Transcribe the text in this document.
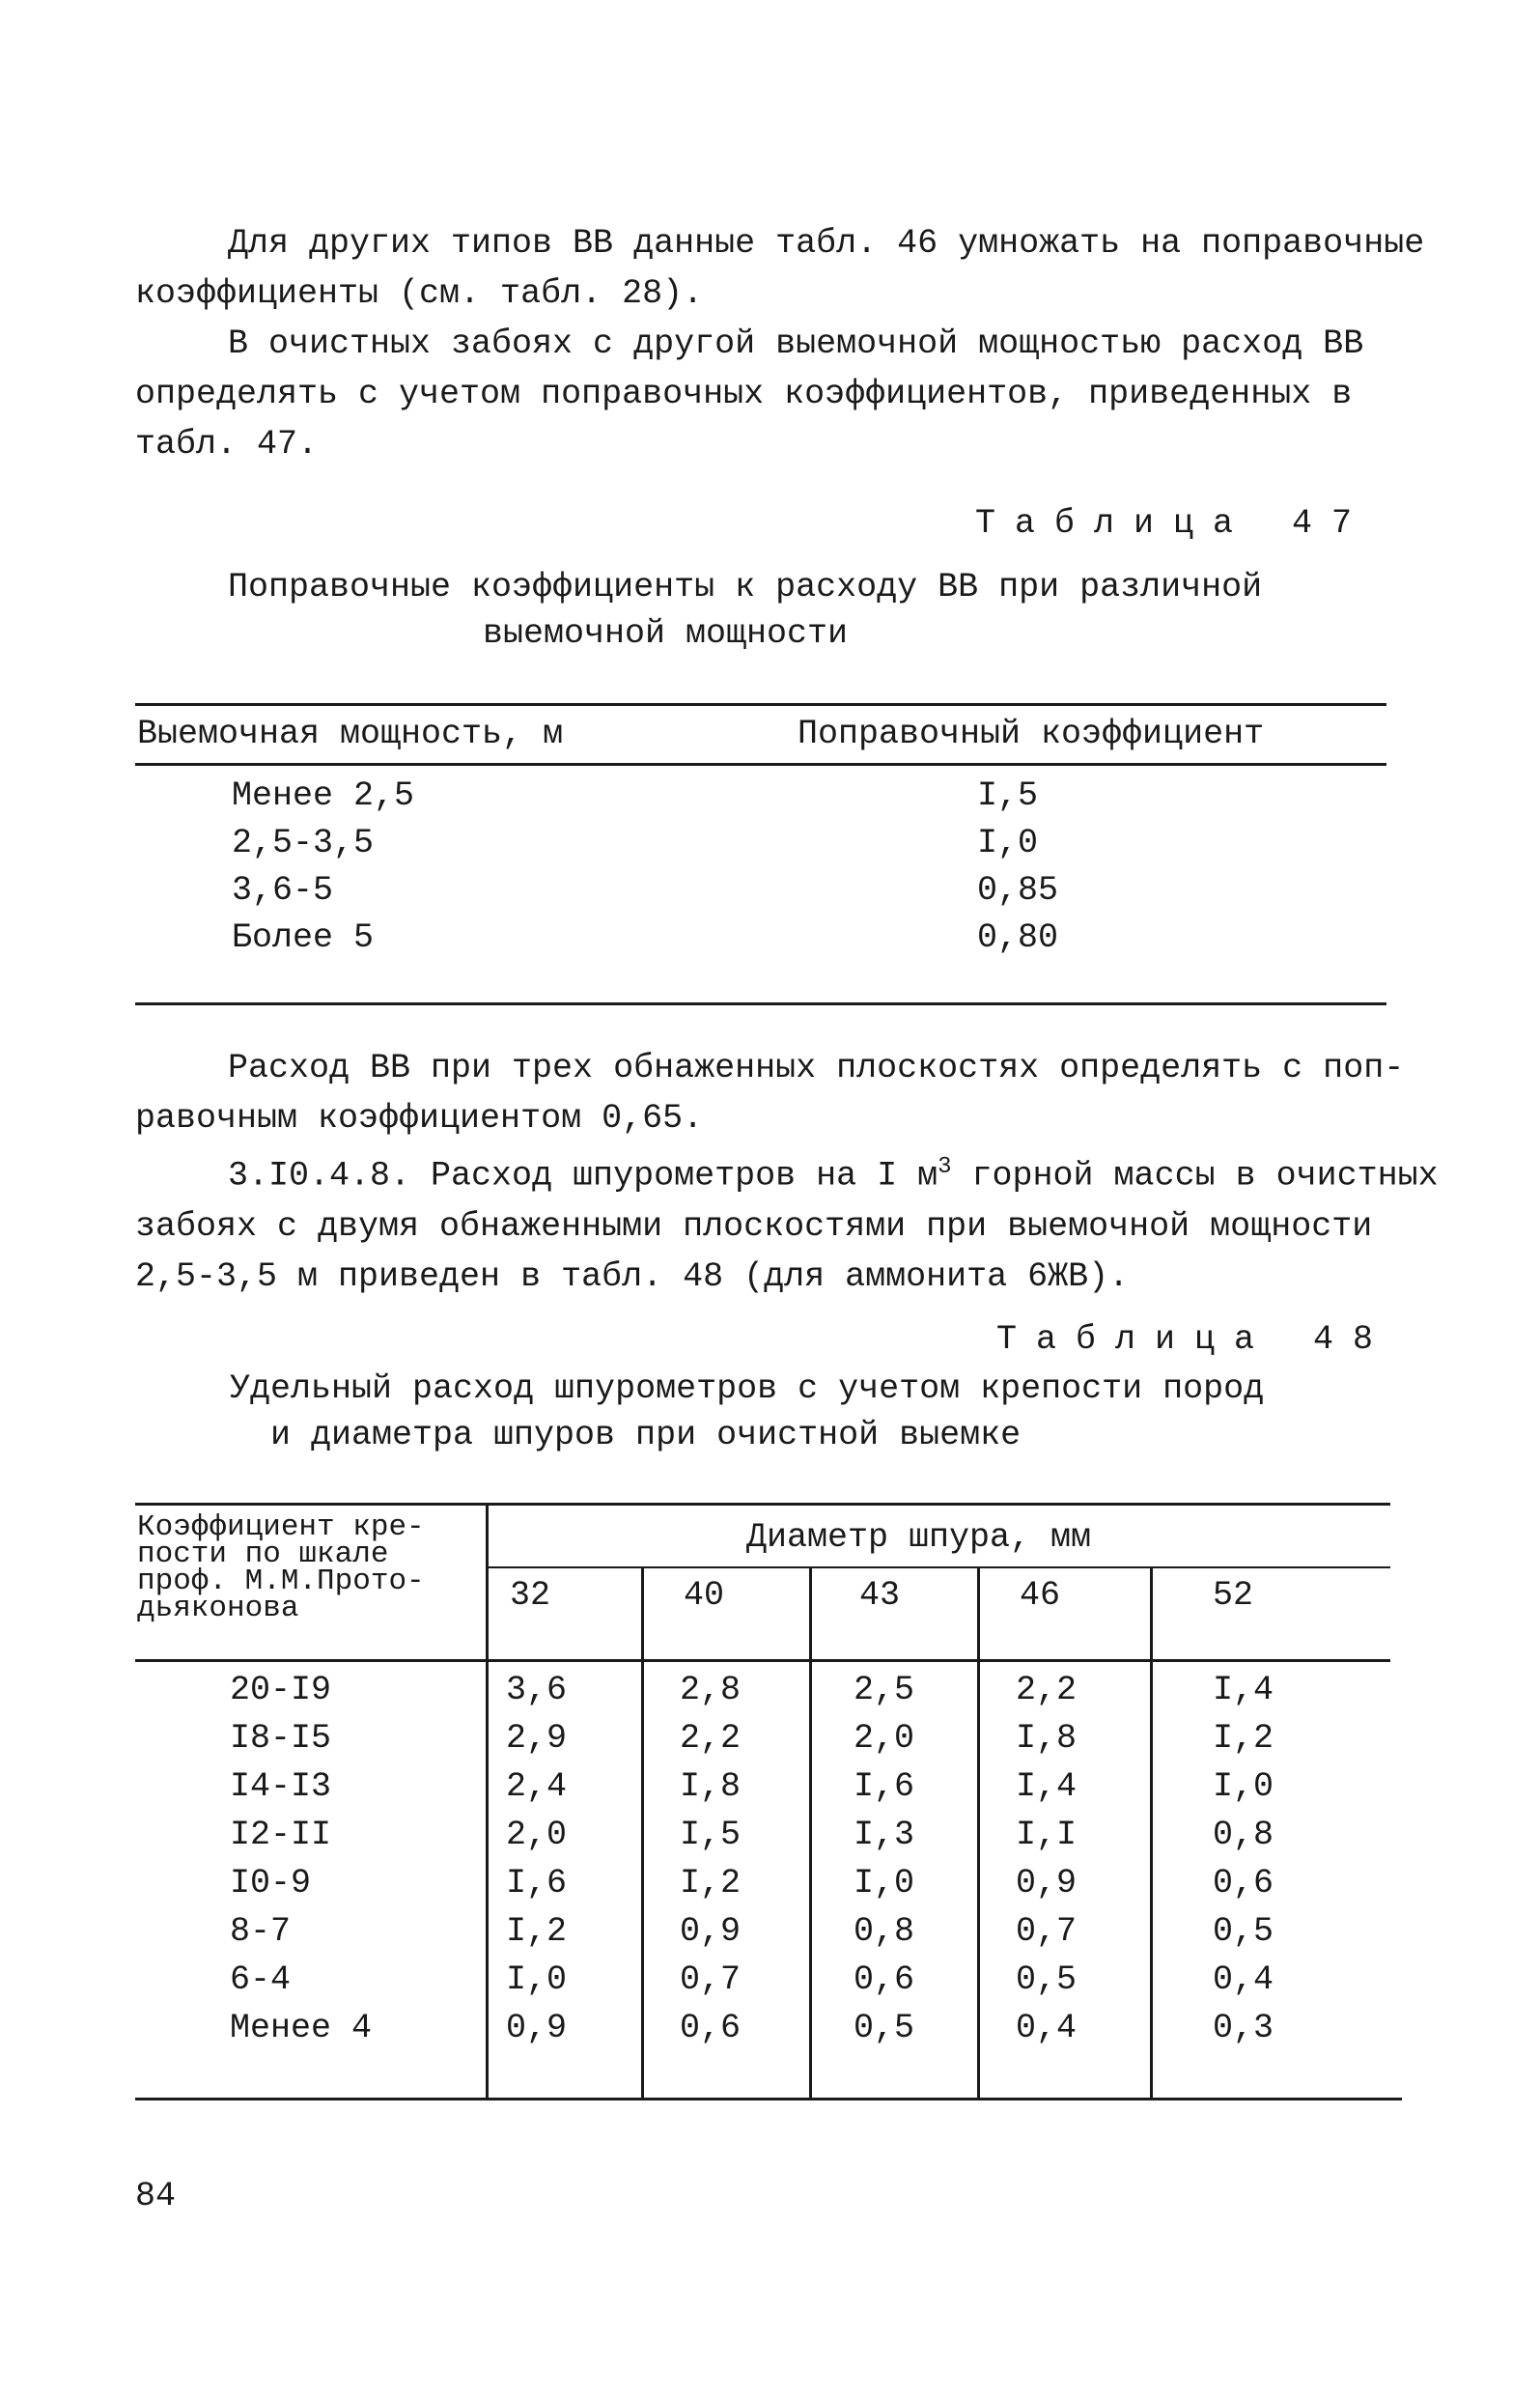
Для других типов ВВ данные табл. 46 умножать на поправочные
коэффициенты (см. табл. 28).
В очистных забоях с другой выемочной мощностью расход ВВ
определять с учетом поправочных коэффициентов, приведенных в
табл. 47.
Таблица 47
Поправочные коэффициенты к расходу ВВ при различной
выемочной мощности
Выемочная мощность, м	Поправочный коэффициент
Менее 2,5	I,5
2,5-3,5	I,0
3,6-5	0,85
Более 5	0,80
Расход ВВ при трех обнаженных плоскостях определять с поп-
равочным коэффициентом 0,65.
3.I0.4.8. Расход шпурометров на I $м^3$ горной массы в очистных
забоях с двумя обнаженными плоскостями при выемочной мощности
2,5-3,5 м приведен в табл. 48 (для аммонита 6ЖВ).
Таблица 48
Удельный расход шпурометров с учетом крепости пород
и диаметра шпуров при очистной выемке
Коэффициент кре-
пости по шкале
проф. М.М.Прото-
дьяконова
Диаметр шпура, мм
32	40	43	46	52
20-I9	3,6	2,8	2,5	2,2	I,4
I8-I5	2,9	2,2	2,0	I,8	I,2
I4-I3	2,4	I,8	I,6	I,4	I,0
I2-II	2,0	I,5	I,3	I,I	0,8
I0-9	I,6	I,2	I,0	0,9	0,6
8-7	I,2	0,9	0,8	0,7	0,5
6-4	I,0	0,7	0,6	0,5	0,4
Менее 4	0,9	0,6	0,5	0,4	0,3
84
